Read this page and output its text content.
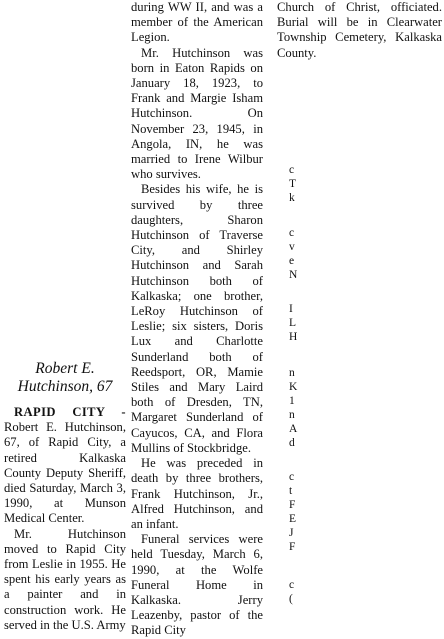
Robert E.
Hutchinson, 67

RAPID CITY - Robert E. Hutchinson, 67, of Rapid City, a retired Kalkaska County Deputy Sheriff, died Saturday, March 3, 1990, at Munson Medical Center.

Mr. Hutchinson moved to Rapid City from Leslie in 1955. He spent his early years as a painter and in construction work. He served in the U.S. Army

during WW II, and was a member of the American Legion.

Mr. Hutchinson was born in Eaton Rapids on January 18, 1923, to Frank and Margie Isham Hutchinson. On November 23, 1945, in Angola, IN, he was married to Irene Wilbur who survives.

Besides his wife, he is survived by three daughters, Sharon Hutchinson of Traverse City, and Shirley Hutchinson and Sarah Hutchinson both of Kalkaska; one brother, LeRoy Hutchinson of Leslie; six sisters, Doris Lux and Charlotte Sunderland both of Reedsport, OR, Mamie Stiles and Mary Laird both of Dresden, TN, Margaret Sunderland of Cayucos, CA, and Flora Mullins of Stockbridge.

He was preceded in death by three brothers, Frank Hutchinson, Jr., Alfred Hutchinson, and an infant.

Funeral services were held Tuesday, March 6, 1990, at the Wolfe Funeral Home in Kalkaska. Jerry Leazenby, pastor of the Rapid City

Church of Christ, officiated. Burial will be in Clearwater Township Cemetery, Kalkaska County.

c
T
k
c
v
e
N
I
L
H
n
K
1
n
A
d
c
t
F
E
J
F
c
(
